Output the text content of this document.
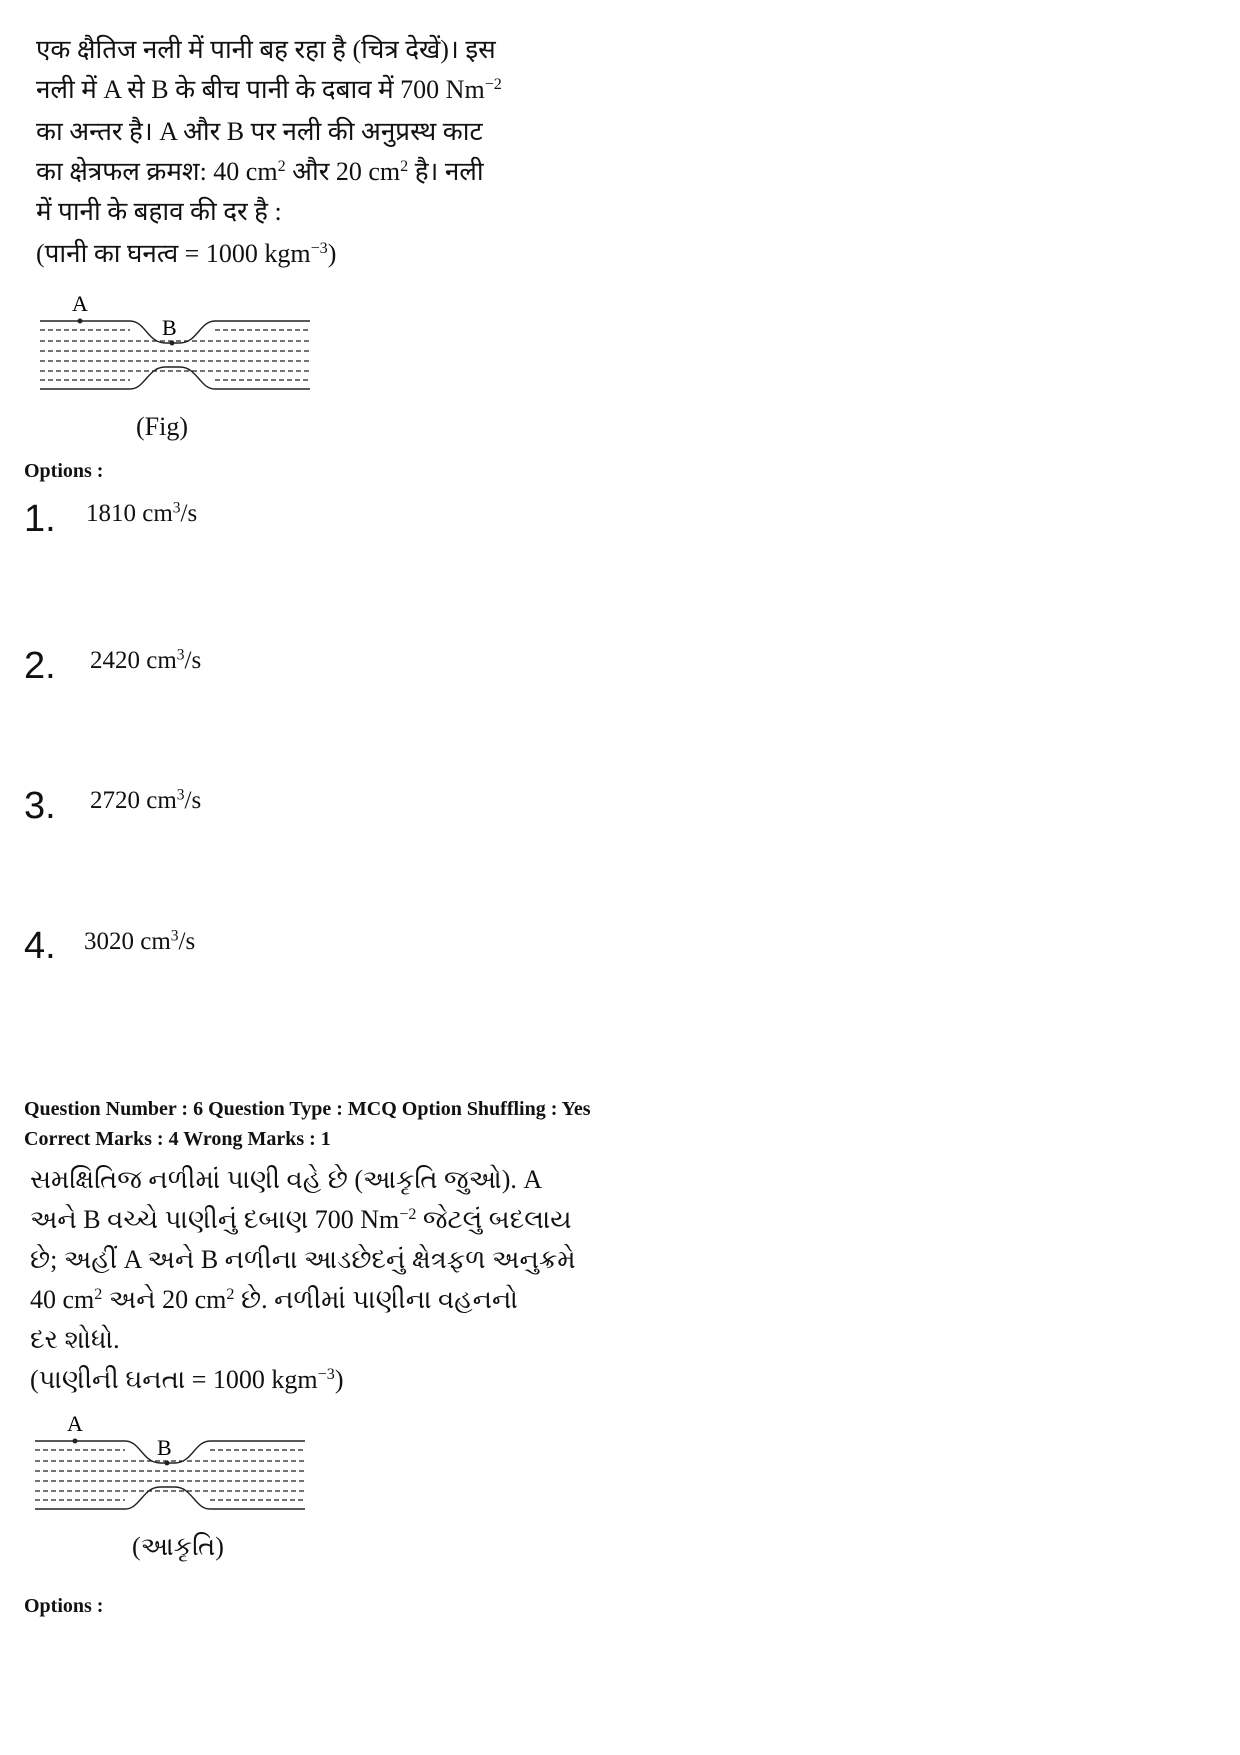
एक क्षैतिज नली में पानी बह रहा है (चित्र देखें)। इस
नली में A से B के बीच पानी के दबाव में 700 $Nm^{-2}$
का अन्तर है। A और B पर नली की अनुप्रस्थ काट
का क्षेत्रफल क्रमश: 40 $cm^2$ और 20 $cm^2$ है। नली
में पानी के बहाव की दर है :
(पानी का घनत्व = 1000 kgm$^{-3}$)
A
B
(Fig)
Options :
1. 1810 $cm^3/s$
2. 2420 $cm^3/s$
3. 2720 $cm^3/s$
4. 3020 $cm^3/s$
Question Number : 6 Question Type : MCQ Option Shuffling : Yes
Correct Marks : 4 Wrong Marks : 1
સમક્ષિતિજ નળીમાં પાણી વહે છે (આકૃતિ જુઓ). A
અને B વચ્ચે પાણીનું દબાણ 700 $Nm^{-2}$ જેટલું બદલાય
છે; અહીં A અને B નળીના આડછેદનું ક્ષેત્રફળ અનુક્રમે
40 $cm^2$ અને 20 $cm^2$ છે. નળીમાં પાણીના વહનનો
દર શોધો.
(પાણીની ઘનતા = 1000 kgm$^{-3}$)
A
B
(આકૃતિ)
Options :
